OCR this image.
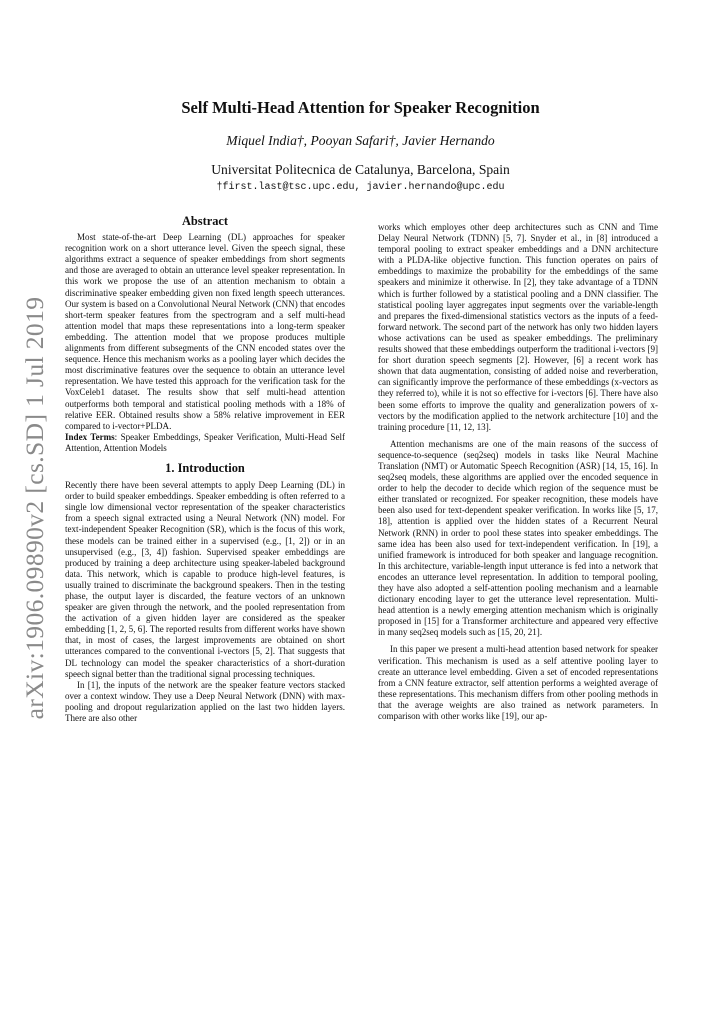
arXiv:1906.09890v2 [cs.SD] 1 Jul 2019
Self Multi-Head Attention for Speaker Recognition
Miquel India†, Pooyan Safari†, Javier Hernando
Universitat Politecnica de Catalunya, Barcelona, Spain
†first.last@tsc.upc.edu, javier.hernando@upc.edu
Abstract

Most state-of-the-art Deep Learning (DL) approaches for speaker recognition work on a short utterance level. Given the speech signal, these algorithms extract a sequence of speaker embeddings from short segments and those are averaged to obtain an utterance level speaker representation. In this work we propose the use of an attention mechanism to obtain a discriminative speaker embedding given non fixed length speech utterances. Our system is based on a Convolutional Neural Network (CNN) that encodes short-term speaker features from the spectrogram and a self multi-head attention model that maps these representations into a long-term speaker embedding. The attention model that we propose produces multiple alignments from different subsegments of the CNN encoded states over the sequence. Hence this mechanism works as a pooling layer which decides the most discriminative features over the sequence to obtain an utterance level representation. We have tested this approach for the verification task for the VoxCeleb1 dataset. The results show that self multi-head attention outperforms both temporal and statistical pooling methods with a 18% of relative EER. Obtained results show a 58% relative improvement in EER compared to i-vector+PLDA.

Index Terms: Speaker Embeddings, Speaker Verification, Multi-Head Self Attention, Attention Models

1. Introduction

Recently there have been several attempts to apply Deep Learning (DL) in order to build speaker embeddings. Speaker embedding is often referred to a single low dimensional vector representation of the speaker characteristics from a speech signal extracted using a Neural Network (NN) model. For text-independent Speaker Recognition (SR), which is the focus of this work, these models can be trained either in a supervised (e.g., [1, 2]) or in an unsupervised (e.g., [3, 4]) fashion. Supervised speaker embeddings are produced by training a deep architecture using speaker-labeled background data. This network, which is capable to produce high-level features, is usually trained to discriminate the background speakers. Then in the testing phase, the output layer is discarded, the feature vectors of an unknown speaker are given through the network, and the pooled representation from the activation of a given hidden layer are considered as the speaker embedding [1, 2, 5, 6]. The reported results from different works have shown that, in most of cases, the largest improvements are obtained on short utterances compared to the conventional i-vectors [5, 2]. That suggests that DL technology can model the speaker characteristics of a short-duration speech signal better than the traditional signal processing techniques.

In [1], the inputs of the network are the speaker feature vectors stacked over a context window. They use a Deep Neural Network (DNN) with max-pooling and dropout regularization applied on the last two hidden layers. There are also other

works which employes other deep architectures such as CNN and Time Delay Neural Network (TDNN) [5, 7]. Snyder et al., in [8] introduced a temporal pooling to extract speaker embeddings and a DNN architecture with a PLDA-like objective function. This function operates on pairs of embeddings to maximize the probability for the embeddings of the same speakers and minimize it otherwise. In [2], they take advantage of a TDNN which is further followed by a statistical pooling and a DNN classifier. The statistical pooling layer aggregates input segments over the variable-length and prepares the fixed-dimensional statistics vectors as the inputs of a feed-forward network. The second part of the network has only two hidden layers whose activations can be used as speaker embeddings. The preliminary results showed that these embeddings outperform the traditional i-vectors [9] for short duration speech segments [2]. However, [6] a recent work has shown that data augmentation, consisting of added noise and reverberation, can significantly improve the performance of these embeddings (x-vectors as they referred to), while it is not so effective for i-vectors [6]. There have also been some efforts to improve the quality and generalization powers of x-vectors by the modification applied to the network architecture [10] and the training procedure [11, 12, 13].

Attention mechanisms are one of the main reasons of the success of sequence-to-sequence (seq2seq) models in tasks like Neural Machine Translation (NMT) or Automatic Speech Recognition (ASR) [14, 15, 16]. In seq2seq models, these algorithms are applied over the encoded sequence in order to help the decoder to decide which region of the sequence must be either translated or recognized. For speaker recognition, these models have been also used for text-dependent speaker verification. In works like [5, 17, 18], attention is applied over the hidden states of a Recurrent Neural Network (RNN) in order to pool these states into speaker embeddings. The same idea has been also used for text-independent verification. In [19], a unified framework is introduced for both speaker and language recognition. In this architecture, variable-length input utterance is fed into a network that encodes an utterance level representation. In addition to temporal pooling, they have also adopted a self-attention pooling mechanism and a learnable dictionary encoding layer to get the utterance level representation. Multi-head attention is a newly emerging attention mechanism which is originally proposed in [15] for a Transformer architecture and appeared very effective in many seq2seq models such as [15, 20, 21].

In this paper we present a multi-head attention based network for speaker verification. This mechanism is used as a self attentive pooling layer to create an utterance level embedding. Given a set of encoded representations from a CNN feature extractor, self attention performs a weighted average of these representations. This mechanism differs from other pooling methods in that the average weights are also trained as network parameters. In comparison with other works like [19], our ap-
